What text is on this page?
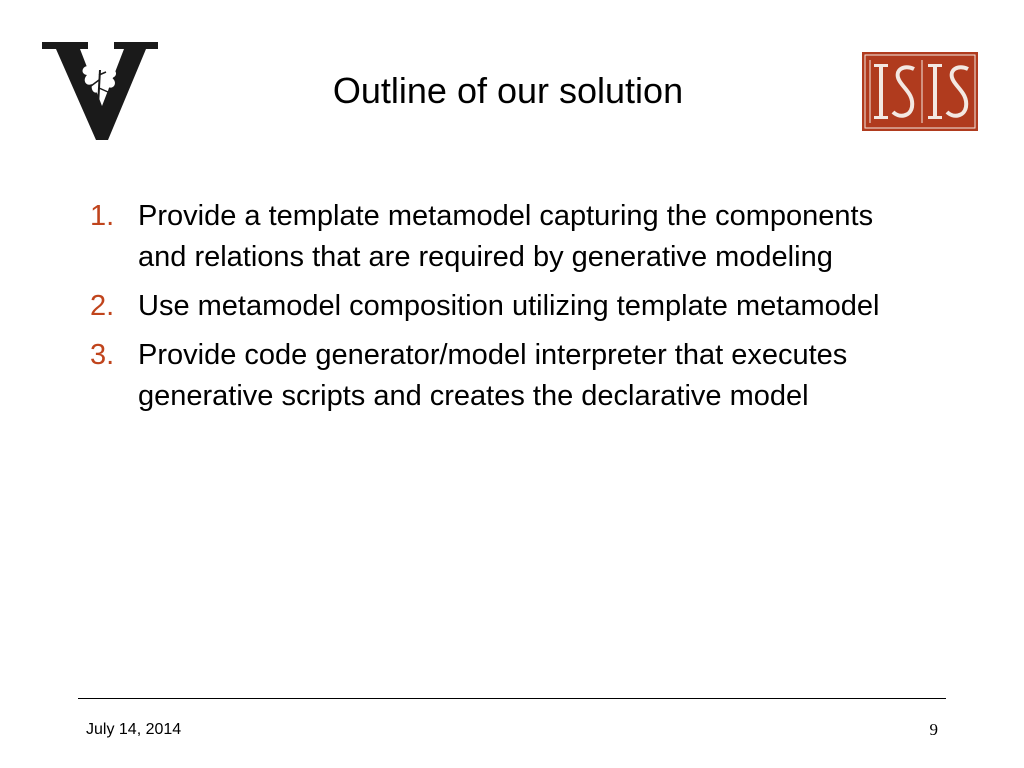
Outline of our solution
1. Provide a template metamodel capturing the components and relations that are required by generative modeling
2. Use metamodel composition utilizing template metamodel
3. Provide code generator/model interpreter that executes generative scripts and creates the declarative model
July 14, 2014	9
